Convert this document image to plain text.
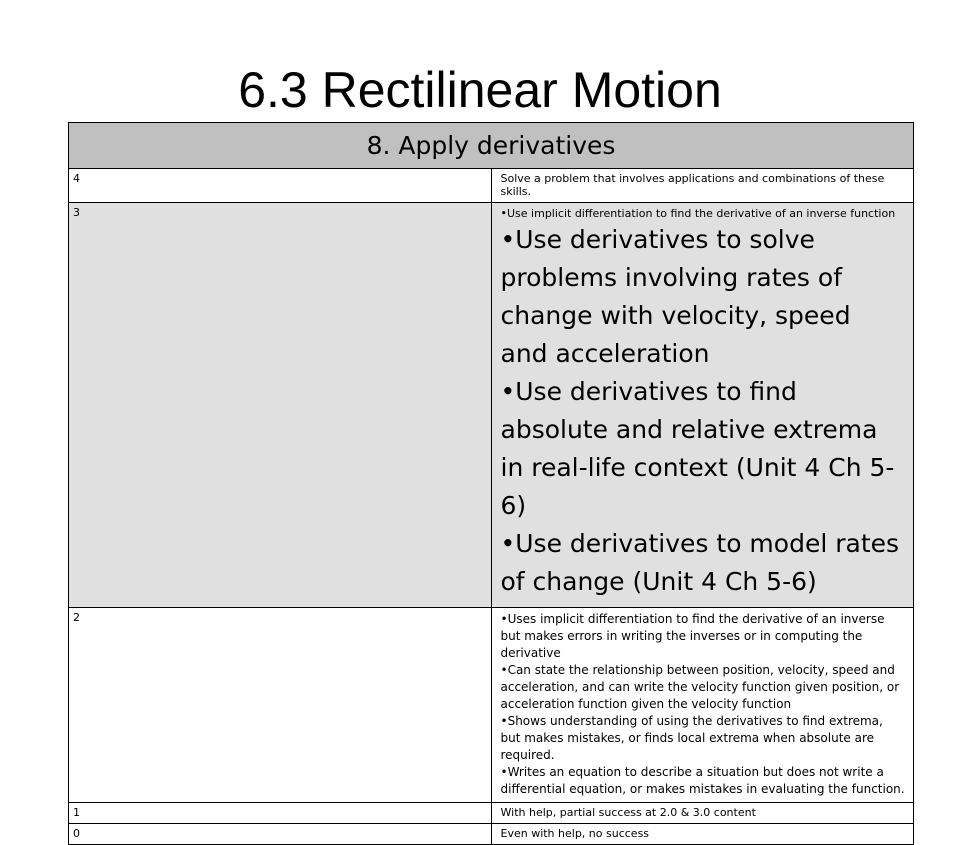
6.3 Rectilinear Motion
8. Apply derivatives	
4	Solve a problem that involves applications and combinations of these skills.
3	•Use implicit differentiation to find the derivative of an inverse function
•Use derivatives to solve problems involving rates of change with velocity, speed and acceleration
•Use derivatives to find absolute and relative extrema in real-life context (Unit 4 Ch 5-6)
•Use derivatives to model rates of change (Unit 4 Ch 5-6)

2	•Uses implicit differentiation to find the derivative of an inverse but makes errors in writing the inverses or in computing the derivative
•Can state the relationship between position, velocity, speed and acceleration, and can write the velocity function given position, or acceleration function given the velocity function
•Shows understanding of using the derivatives to find extrema, but makes mistakes, or finds local extrema when absolute are required.
•Writes an equation to describe a situation but does not write a differential equation, or makes mistakes in evaluating the function.

1	With help, partial success at 2.0 & 3.0 content
0	Even with help, no success
